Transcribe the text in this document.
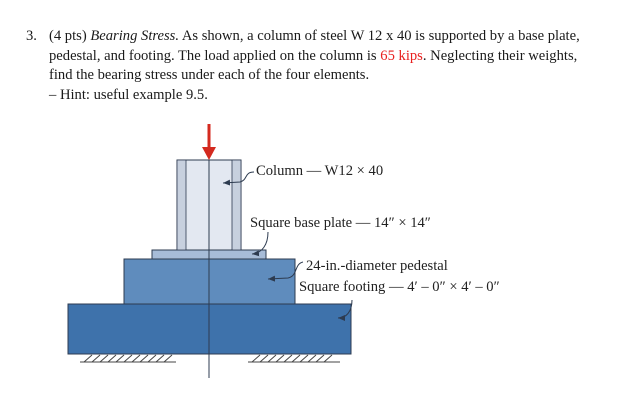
3. (4 pts) Bearing Stress. As shown, a column of steel W 12 x 40 is supported by a base plate, pedestal, and footing. The load applied on the column is 65 kips. Neglecting their weights, find the bearing stress under each of the four elements.
– Hint: useful example 9.5.
Column — W12 × 40
Square base plate — 14″ × 14″
24-in.-diameter pedestal
Square footing — 4′ – 0″ × 4′ – 0″
